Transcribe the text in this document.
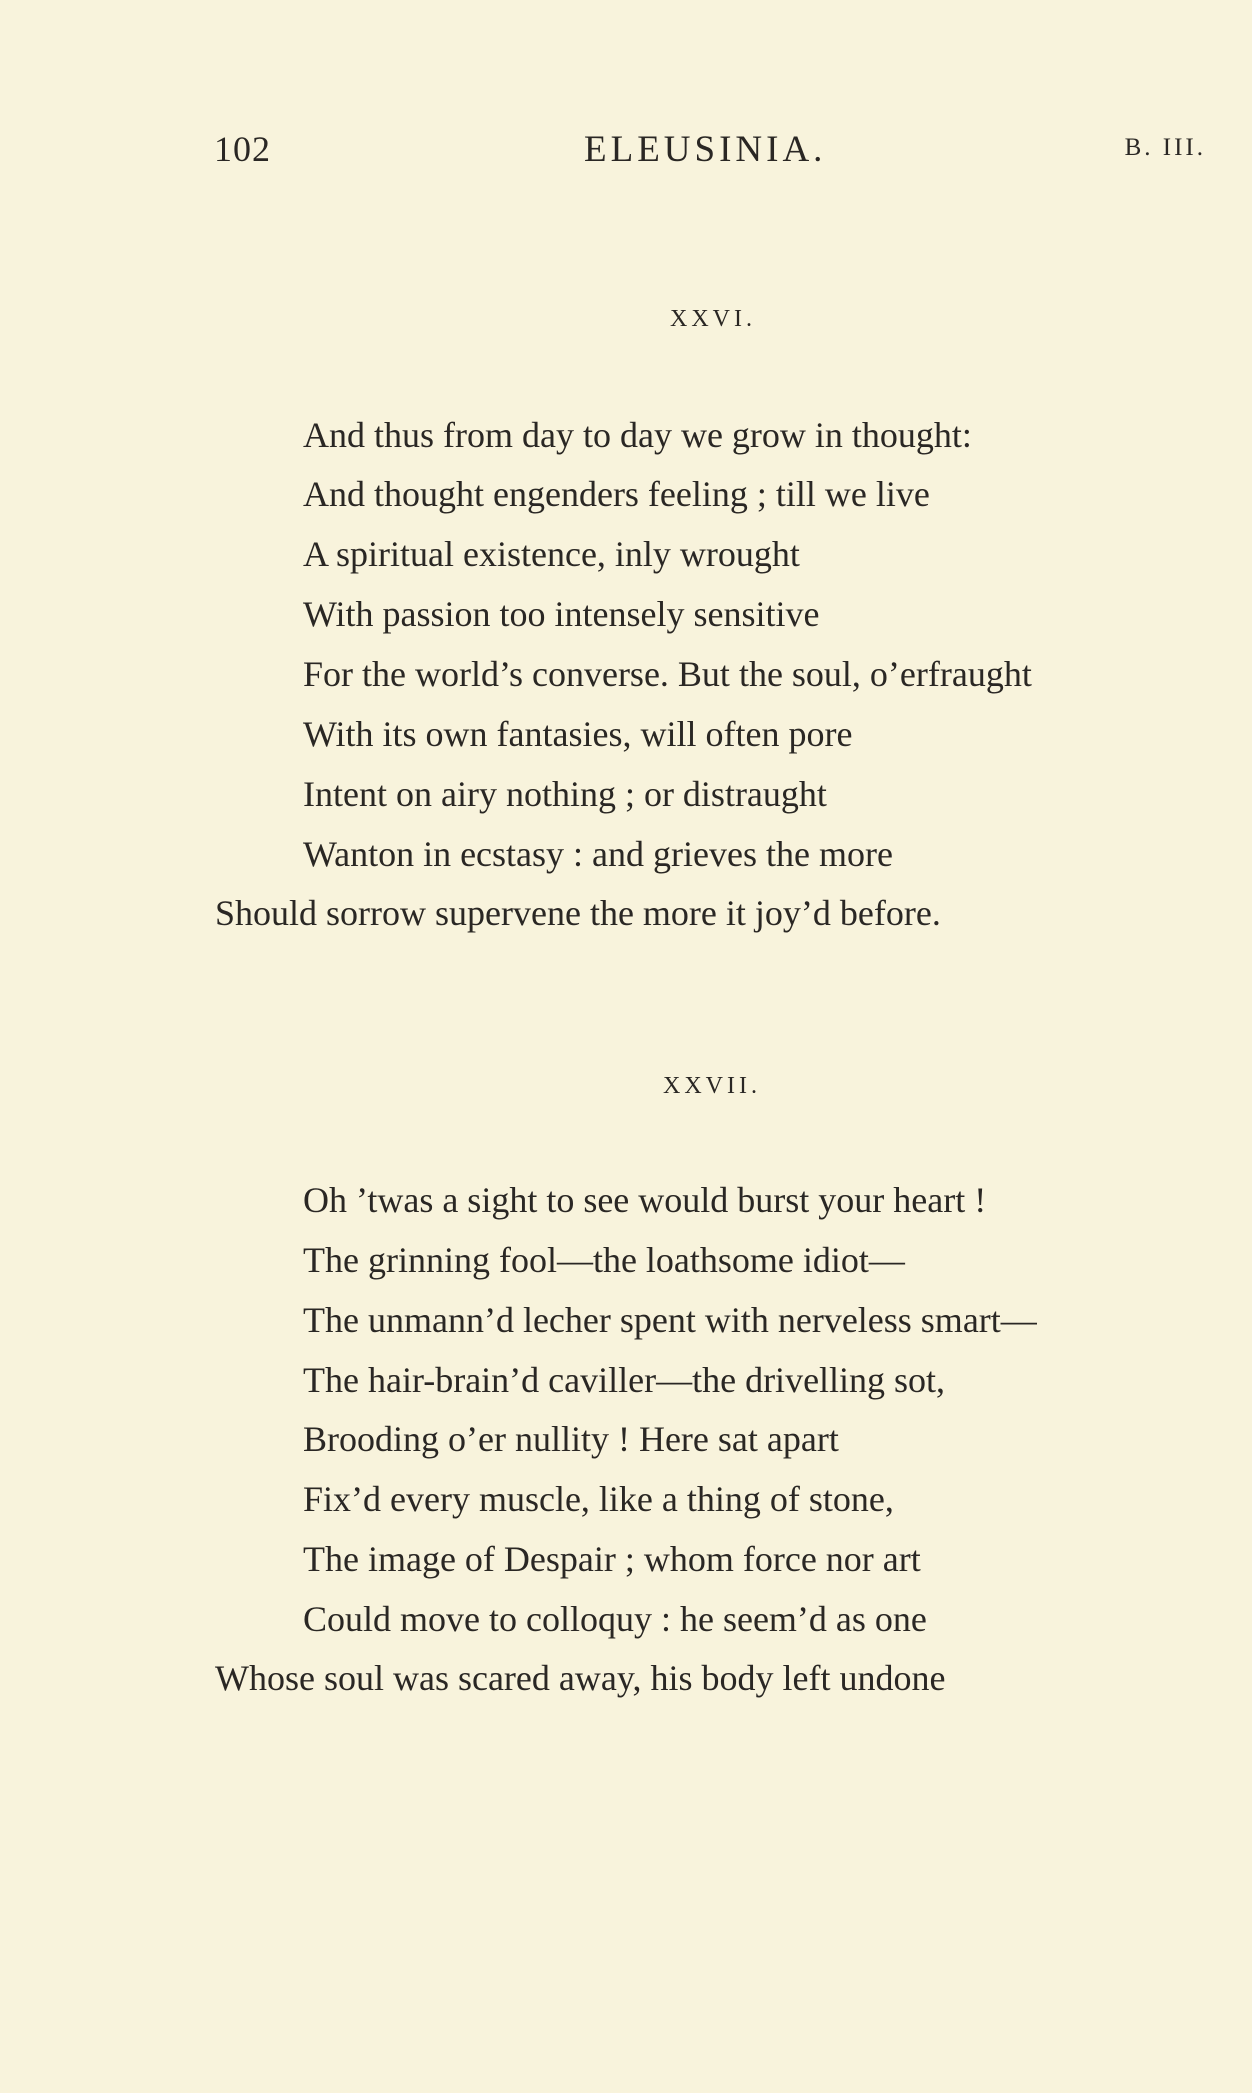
102	ELEUSINIA.	B. III.
XXVI.
And thus from day to day we grow in thought:
And thought engenders feeling ; till we live
A spiritual existence, inly wrought
With passion too intensely sensitive
For the world’s converse. But the soul, o’erfraught
With its own fantasies, will often pore
Intent on airy nothing ; or distraught
Wanton in ecstasy : and grieves the more
Should sorrow supervene the more it joy’d before.
XXVII.
Oh ’twas a sight to see would burst your heart !
The grinning fool—the loathsome idiot—
The unmann’d lecher spent with nerveless smart—
The hair-brain’d caviller—the drivelling sot,
Brooding o’er nullity ! Here sat apart
Fix’d every muscle, like a thing of stone,
The image of Despair ; whom force nor art
Could move to colloquy : he seem’d as one
Whose soul was scared away, his body left undone
